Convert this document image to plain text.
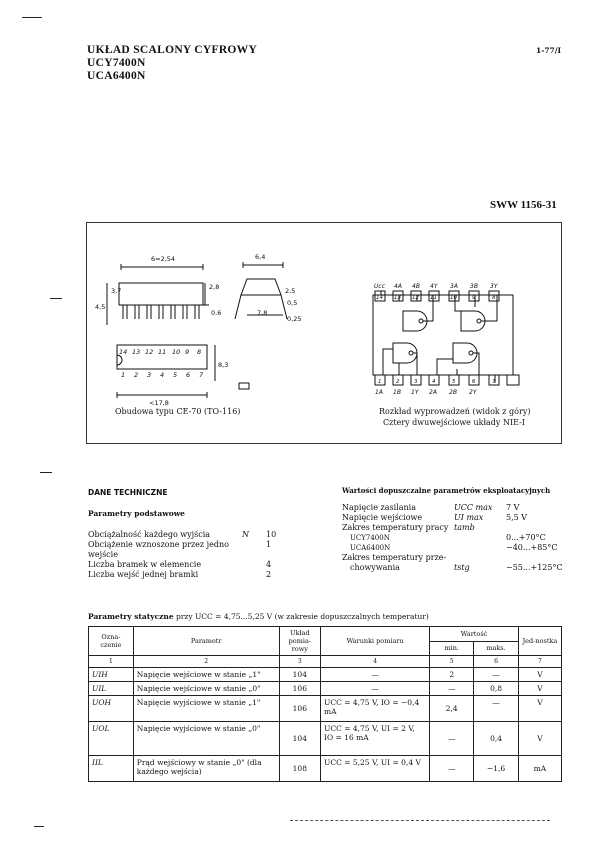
UKŁAD SCALONY CYFROWY
UCY7400N
UCA6400N
1-77/I
SWW 1156-31
6=2,54
<17,8
6,4
7,8
0,6
4,5
3,7	2,5
2,8
0,5
0,25
8,3
14 13 12 11 10 9 8
1 2 3 4 5 6 7
Ucc 4A 4B 4Y 3A 3B 3Y
14 13 12 11 10	9	8
1	2	3	4	5	6	7
1A 1B 1Y 2A 2B 2Y
Obudowa typu CE-70 (TO-116)	Rozkład wyprowadzeń (widok z góry)
Cztery dwuwejściowe układy NIE-I
DANE TECHNICZNE
Parametry podstawowe
Obciążalność każdego wyjścia	N	10
Obciążenie wznoszone przez jedno wejście		1
Liczba bramek w elemencie		4
Liczba wejść jednej bramki		2
Wartości dopuszczalne parametrów eksploatacyjnych
Napięcie zasilania	UCC max	7 V
Napięcie wejściowe	UI max	5,5 V
Zakres temperatury pracy	tamb	
UCY7400N		0...+70°C
UCA6400N		−40...+85°C
Zakres temperatury prze-		
chowywania	tstg	−55...+125°C
Parametry statyczne przy UCC = 4,75...5,25 V (w zakresie dopuszczalnych temperatur)
Ozna-czenie	Parametr	Układ pomia-rowy	Warunki pomiaru	Wartość		Jed-nostka
				min.	maks.	
1	2	3	4	5	6	7
UIH	Napięcie wejściowe w stanie „1"	104	—	2	—	V
UIL	Napięcie wejściowe w stanie „0"	106	—	—	0,8	V
UOH	Napięcie wyjściowe w stanie „1"	106	UCC = 4,75 V, IO = −0,4 mA	2,4	—	V
UOL	Napięcie wyjściowe w stanie „0"	104	UCC = 4,75 V, UI = 2 V, IO = 16 mA	—	0,4	V
IIL	Prąd wejściowy w stanie „0" (dla każdego wejścia)	108	UCC = 5,25 V, UI = 0,4 V	—	−1,6	mA
